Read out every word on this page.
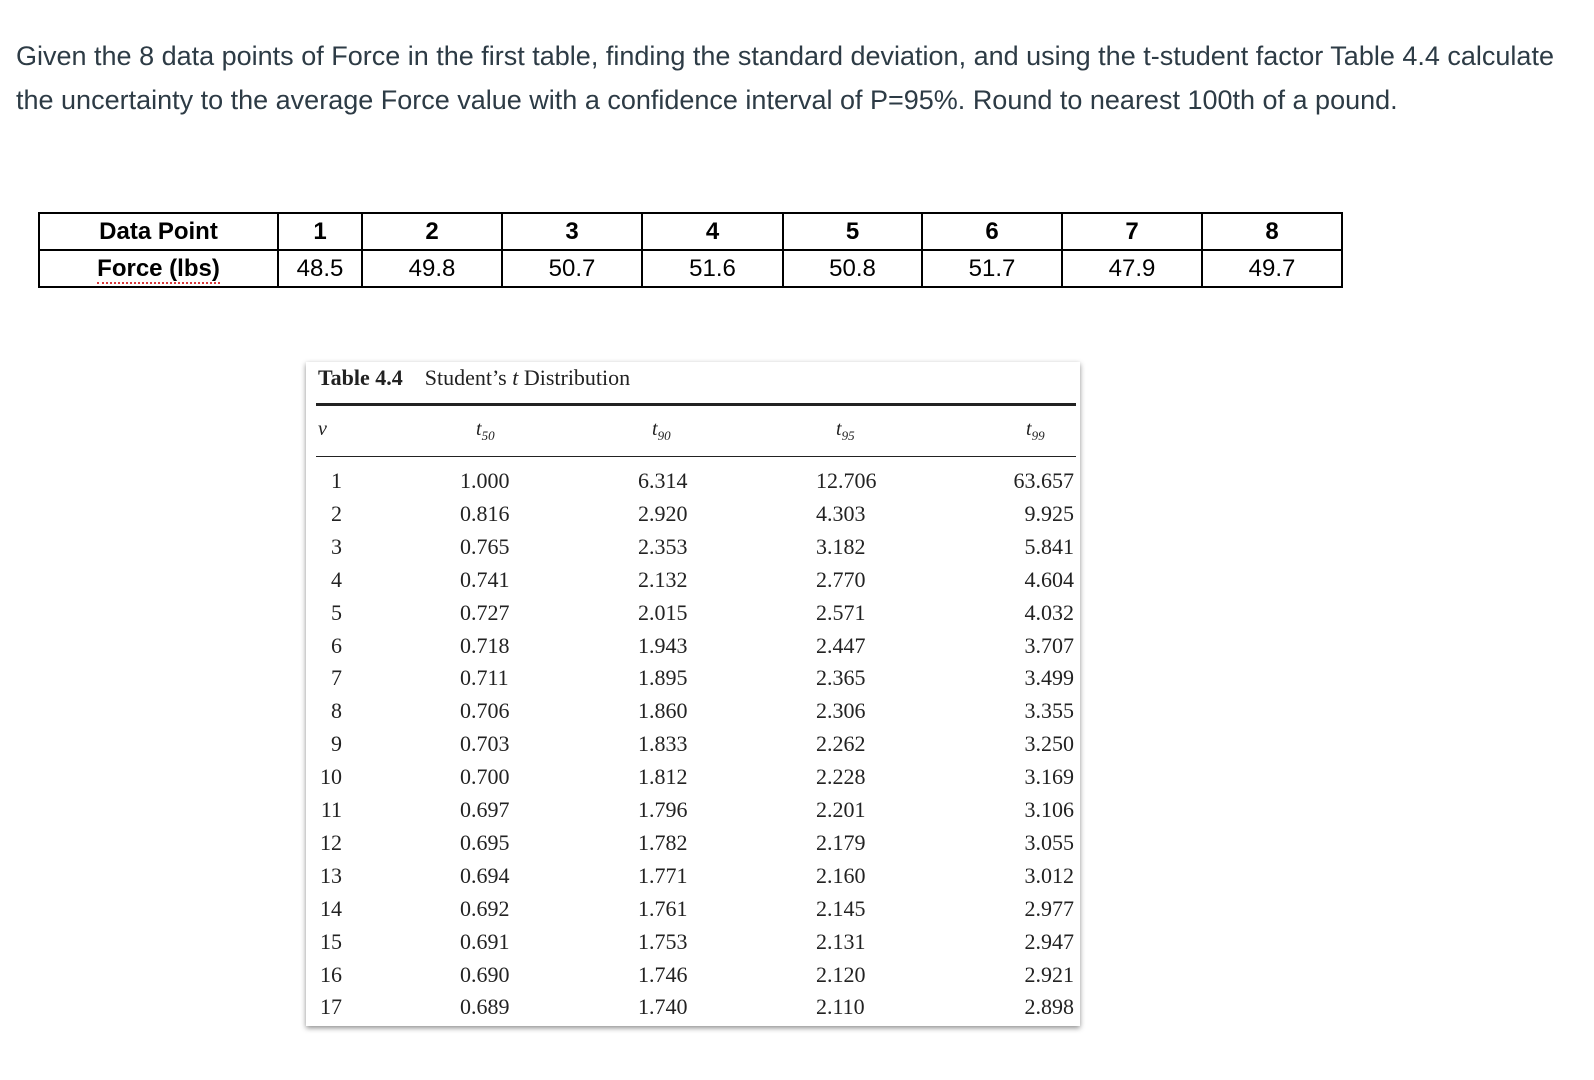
Given the 8 data points of Force in the first table, finding the standard deviation, and using the t-student factor Table 4.4 calculate the uncertainty to the average Force value with a confidence interval of P=95%. Round to nearest 100th of a pound.
Data Point	1	2	3	4	5	6	7	8
Force (lbs)	48.5	49.8	50.7	51.6	50.8	51.7	47.9	49.7
Table 4.4 Student’s t Distribution
ν	$t_{50}$	$t_{90}$	$t_{95}$	$t_{99}$
1	1.000	6.314	12.706	63.657
2	0.816	2.920	4.303	9.925
3	0.765	2.353	3.182	5.841
4	0.741	2.132	2.770	4.604
5	0.727	2.015	2.571	4.032
6	0.718	1.943	2.447	3.707
7	0.711	1.895	2.365	3.499
8	0.706	1.860	2.306	3.355
9	0.703	1.833	2.262	3.250
10	0.700	1.812	2.228	3.169
11	0.697	1.796	2.201	3.106
12	0.695	1.782	2.179	3.055
13	0.694	1.771	2.160	3.012
14	0.692	1.761	2.145	2.977
15	0.691	1.753	2.131	2.947
16	0.690	1.746	2.120	2.921
17	0.689	1.740	2.110	2.898
